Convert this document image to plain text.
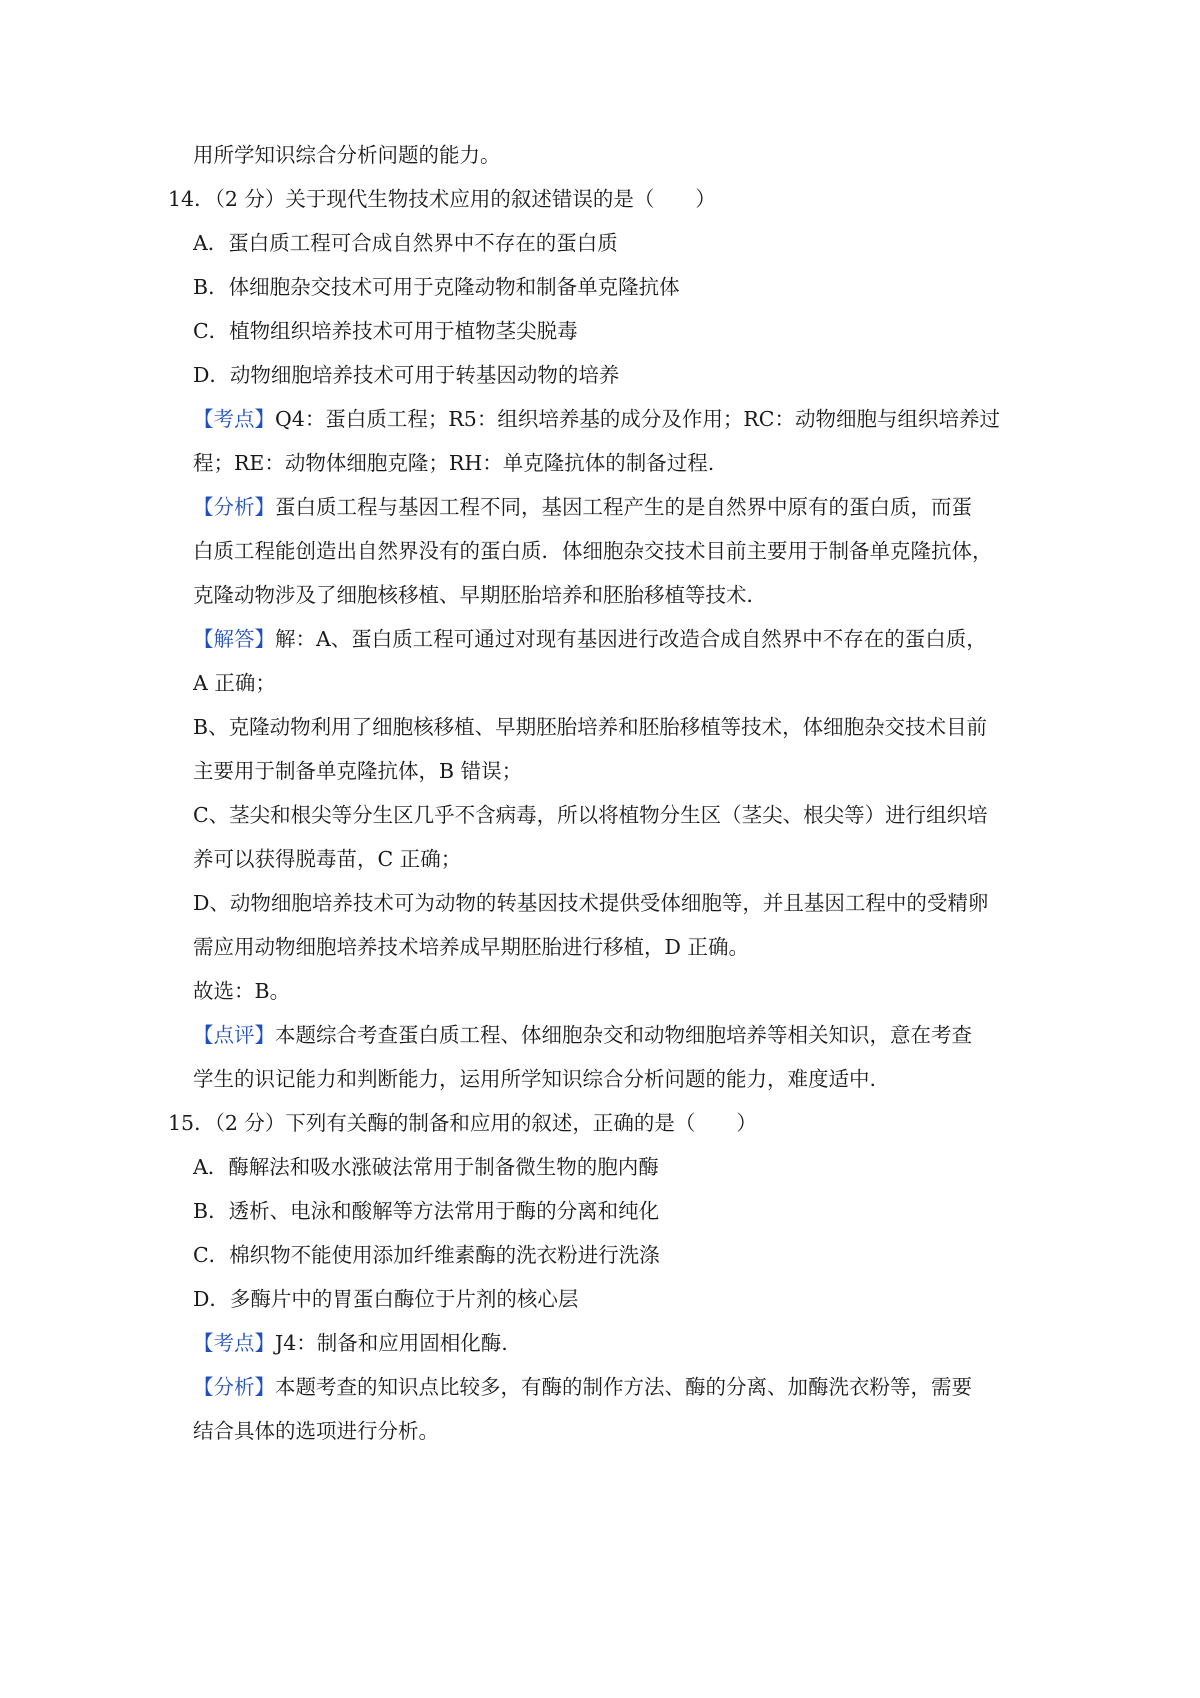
用所学知识综合分析问题的能力。
14．（2 分）关于现代生物技术应用的叙述错误的是（　　）
A．蛋白质工程可合成自然界中不存在的蛋白质
B．体细胞杂交技术可用于克隆动物和制备单克隆抗体
C．植物组织培养技术可用于植物茎尖脱毒
D．动物细胞培养技术可用于转基因动物的培养
【考点】Q4：蛋白质工程；R5：组织培养基的成分及作用；RC：动物细胞与组织培养过
程；RE：动物体细胞克隆；RH：单克隆抗体的制备过程.
【分析】蛋白质工程与基因工程不同，基因工程产生的是自然界中原有的蛋白质，而蛋
白质工程能创造出自然界没有的蛋白质．体细胞杂交技术目前主要用于制备单克隆抗体，
克隆动物涉及了细胞核移植、早期胚胎培养和胚胎移植等技术．
【解答】解：A、蛋白质工程可通过对现有基因进行改造合成自然界中不存在的蛋白质，
A 正确；
B、克隆动物利用了细胞核移植、早期胚胎培养和胚胎移植等技术，体细胞杂交技术目前
主要用于制备单克隆抗体，B 错误；
C、茎尖和根尖等分生区几乎不含病毒，所以将植物分生区（茎尖、根尖等）进行组织培
养可以获得脱毒苗，C 正确；
D、动物细胞培养技术可为动物的转基因技术提供受体细胞等，并且基因工程中的受精卵
需应用动物细胞培养技术培养成早期胚胎进行移植，D 正确。
故选：B。
【点评】本题综合考查蛋白质工程、体细胞杂交和动物细胞培养等相关知识，意在考查
学生的识记能力和判断能力，运用所学知识综合分析问题的能力，难度适中.
15．（2 分）下列有关酶的制备和应用的叙述，正确的是（　　）
A．酶解法和吸水涨破法常用于制备微生物的胞内酶
B．透析、电泳和酸解等方法常用于酶的分离和纯化
C．棉织物不能使用添加纤维素酶的洗衣粉进行洗涤
D．多酶片中的胃蛋白酶位于片剂的核心层
【考点】J4：制备和应用固相化酶.
【分析】本题考查的知识点比较多，有酶的制作方法、酶的分离、加酶洗衣粉等，需要
结合具体的选项进行分析。
